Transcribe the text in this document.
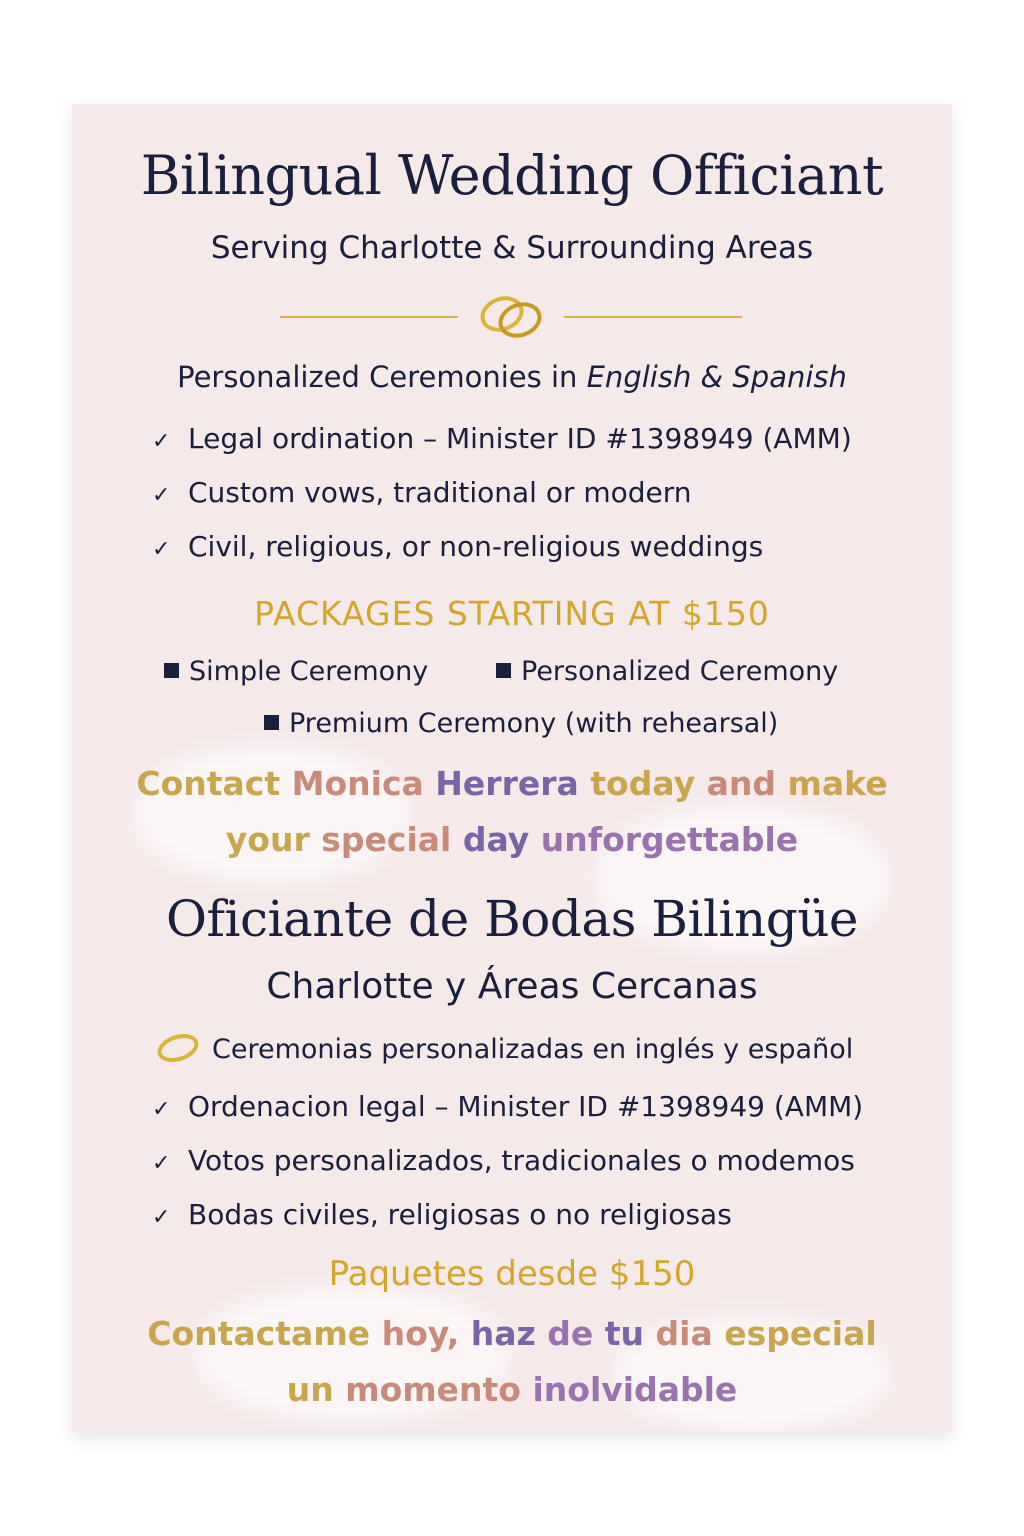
Bilingual Wedding Officiant
Serving Charlotte & Surrounding Areas
Personalized Ceremonies in English & Spanish
✓ Legal ordination – Minister ID #1398949 (AMM)
✓ Custom vows, traditional or modern
✓ Civil, religious, or non-religious weddings
PACKAGES STARTING AT $150
Simple Ceremony	Personalized Ceremony
Premium Ceremony (with rehearsal)
Contact Monica Herrera today and make
your special day unforgettable
Oficiante de Bodas Bilingüe
Charlotte y Áreas Cercanas
Ceremonias personalizadas en inglés y español
✓ Ordenacion legal – Minister ID #1398949 (AMM)
✓ Votos personalizados, tradicionales o modemos
✓ Bodas civiles, religiosas o no religiosas
Paquetes desde $150
Contactame hoy, haz de tu dia especial
un momento inolvidable
